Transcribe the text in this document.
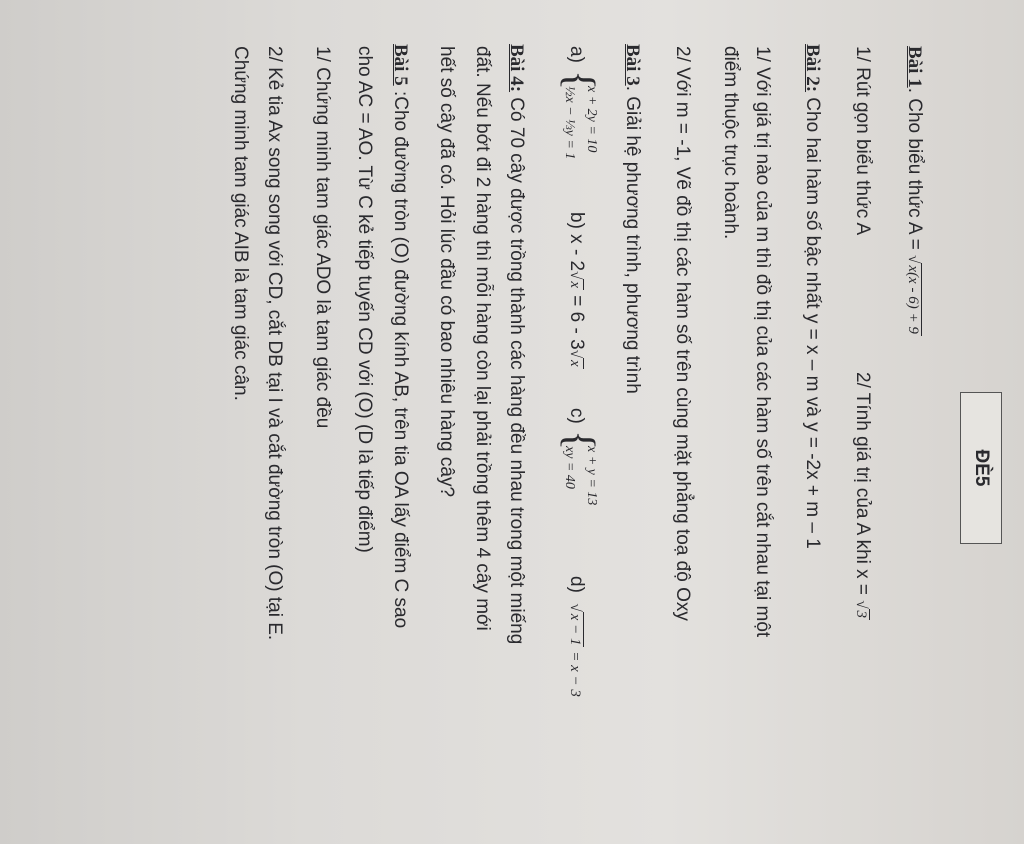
ĐÈ5
Bài 1. Cho biểu thức A = √x(x - 6) + 9
1/ Rút gọn biểu thức A
2/ Tính giá trị của A khi x = √3
Bài 2: Cho hai hàm số bậc nhất y = x – m và y = -2x + m – 1
1/ Với giá trị nào của m thì đồ thị của các hàm số trên cắt nhau tại một
điểm thuộc trục hoành.
2/ Với m = -1, Vẽ đồ thị các hàm số trên cùng mặt phẳng toạ độ Oxy
Bài 3. Giải hệ phương trình, phương trình
a)
{
x + 2y = 10
½x − ⅓y = 1
b) x - 2√x = 6 - 3√x
c)
{
x + y = 13
xy = 40
d)  √x − 1 = x − 3
Bài 4: Có 70 cây được trồng thành các hàng đều nhau trong một miếng
đất. Nếu bớt đi 2 hàng thì mỗi hàng còn lại phải trồng thêm 4 cây mới
hết số cây đã có. Hỏi lúc đầu có bao nhiêu hàng cây?
Bài 5 :Cho đường tròn (O) đường kính AB, trên tia OA lấy điểm C sao
cho AC = AO. Từ C kẻ tiếp tuyến CD với (O) (D là tiếp điểm)
1/ Chứng minh tam giác ADO là tam giác đều
2/ Kẻ tia Ax song song với CD, cắt DB tại I và cắt đường tròn (O) tại E.
Chứng minh tam giác AIB là tam giác cân.
